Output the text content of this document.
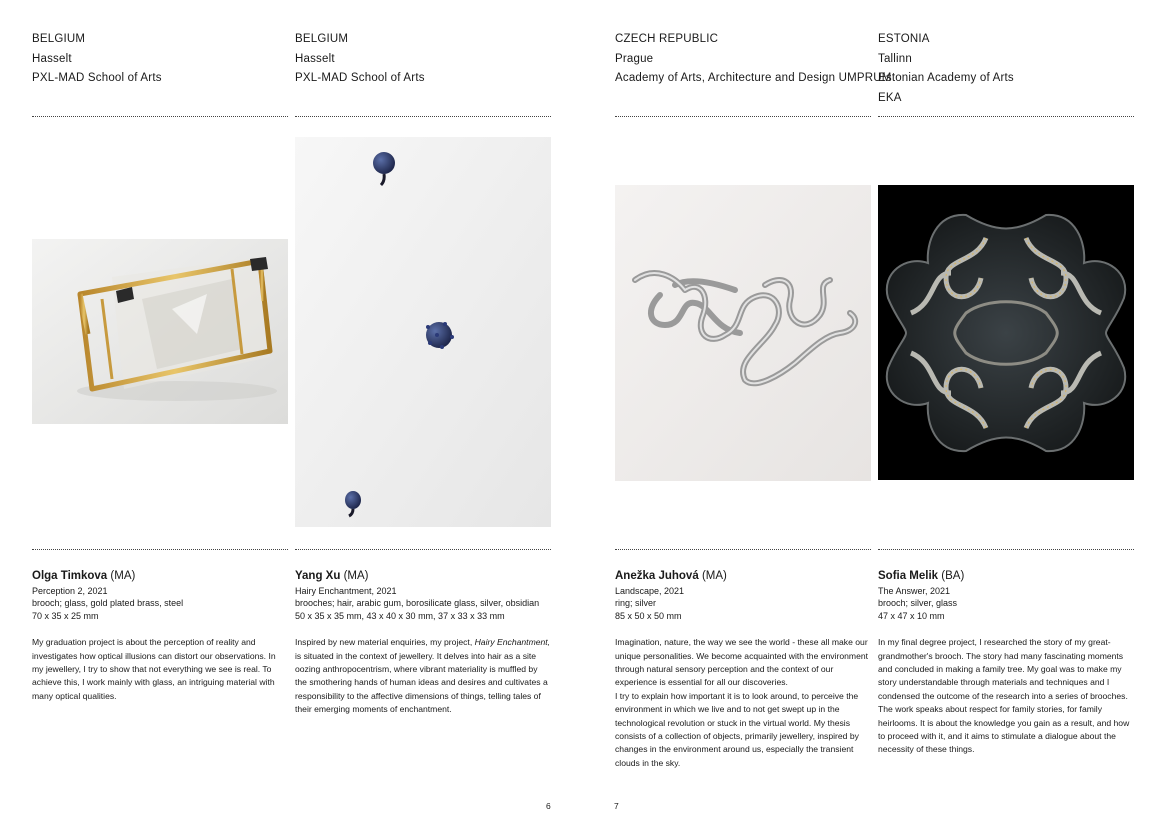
BELGIUM
Hasselt
PXL-MAD School of Arts
Olga Timkova (MA)
Perception 2, 2021
brooch; glass, gold plated brass, steel
70 x 35 x 25 mm
My graduation project is about the perception of reality and investigates how optical illusions can distort our observations. In my jewellery, I try to show that not everything we see is real. To achieve this, I work mainly with glass, an intriguing material with many optical qualities.
BELGIUM
Hasselt
PXL-MAD School of Arts
Yang Xu (MA)
Hairy Enchantment, 2021
brooches; hair, arabic gum, borosilicate glass, silver, obsidian
50 x 35 x 35 mm, 43 x 40 x 30 mm, 37 x 33 x 33 mm
Inspired by new material enquiries, my project, Hairy Enchantment, is situated in the context of jewellery. It delves into hair as a site oozing anthropocentrism, where vibrant materiality is muffled by the smothering hands of human ideas and desires and cultivates a responsibility to the affective dimensions of things, telling tales of their emerging moments of enchantment.
CZECH REPUBLIC
Prague
Academy of Arts, Architecture and Design UMPRUM
Anežka Juhová (MA)
Landscape, 2021
ring; silver
85 x 50 x 50 mm
Imagination, nature, the way we see the world - these all make our unique personalities. We become acquainted with the environment through natural sensory perception and the context of our experience is essential for all our discoveries.
I try to explain how important it is to look around, to perceive the environment in which we live and to not get swept up in the technological revolution or stuck in the virtual world. My thesis consists of a collection of objects, primarily jewellery, inspired by changes in the environment around us, especially the transient clouds in the sky.
ESTONIA
Tallinn
Estonian Academy of Arts
EKA
Sofia Melik (BA)
The Answer, 2021
brooch; silver, glass
47 x 47 x 10 mm
In my final degree project, I researched the story of my great-grandmother's brooch. The story had many fascinating moments and concluded in making a family tree. My goal was to make my story understandable through materials and techniques and I condensed the outcome of the research into a series of brooches. The work speaks about respect for family stories, for family heirlooms. It is about the knowledge you gain as a result, and how to proceed with it, and it aims to stimulate a dialogue about the necessity of these things.
6	7
